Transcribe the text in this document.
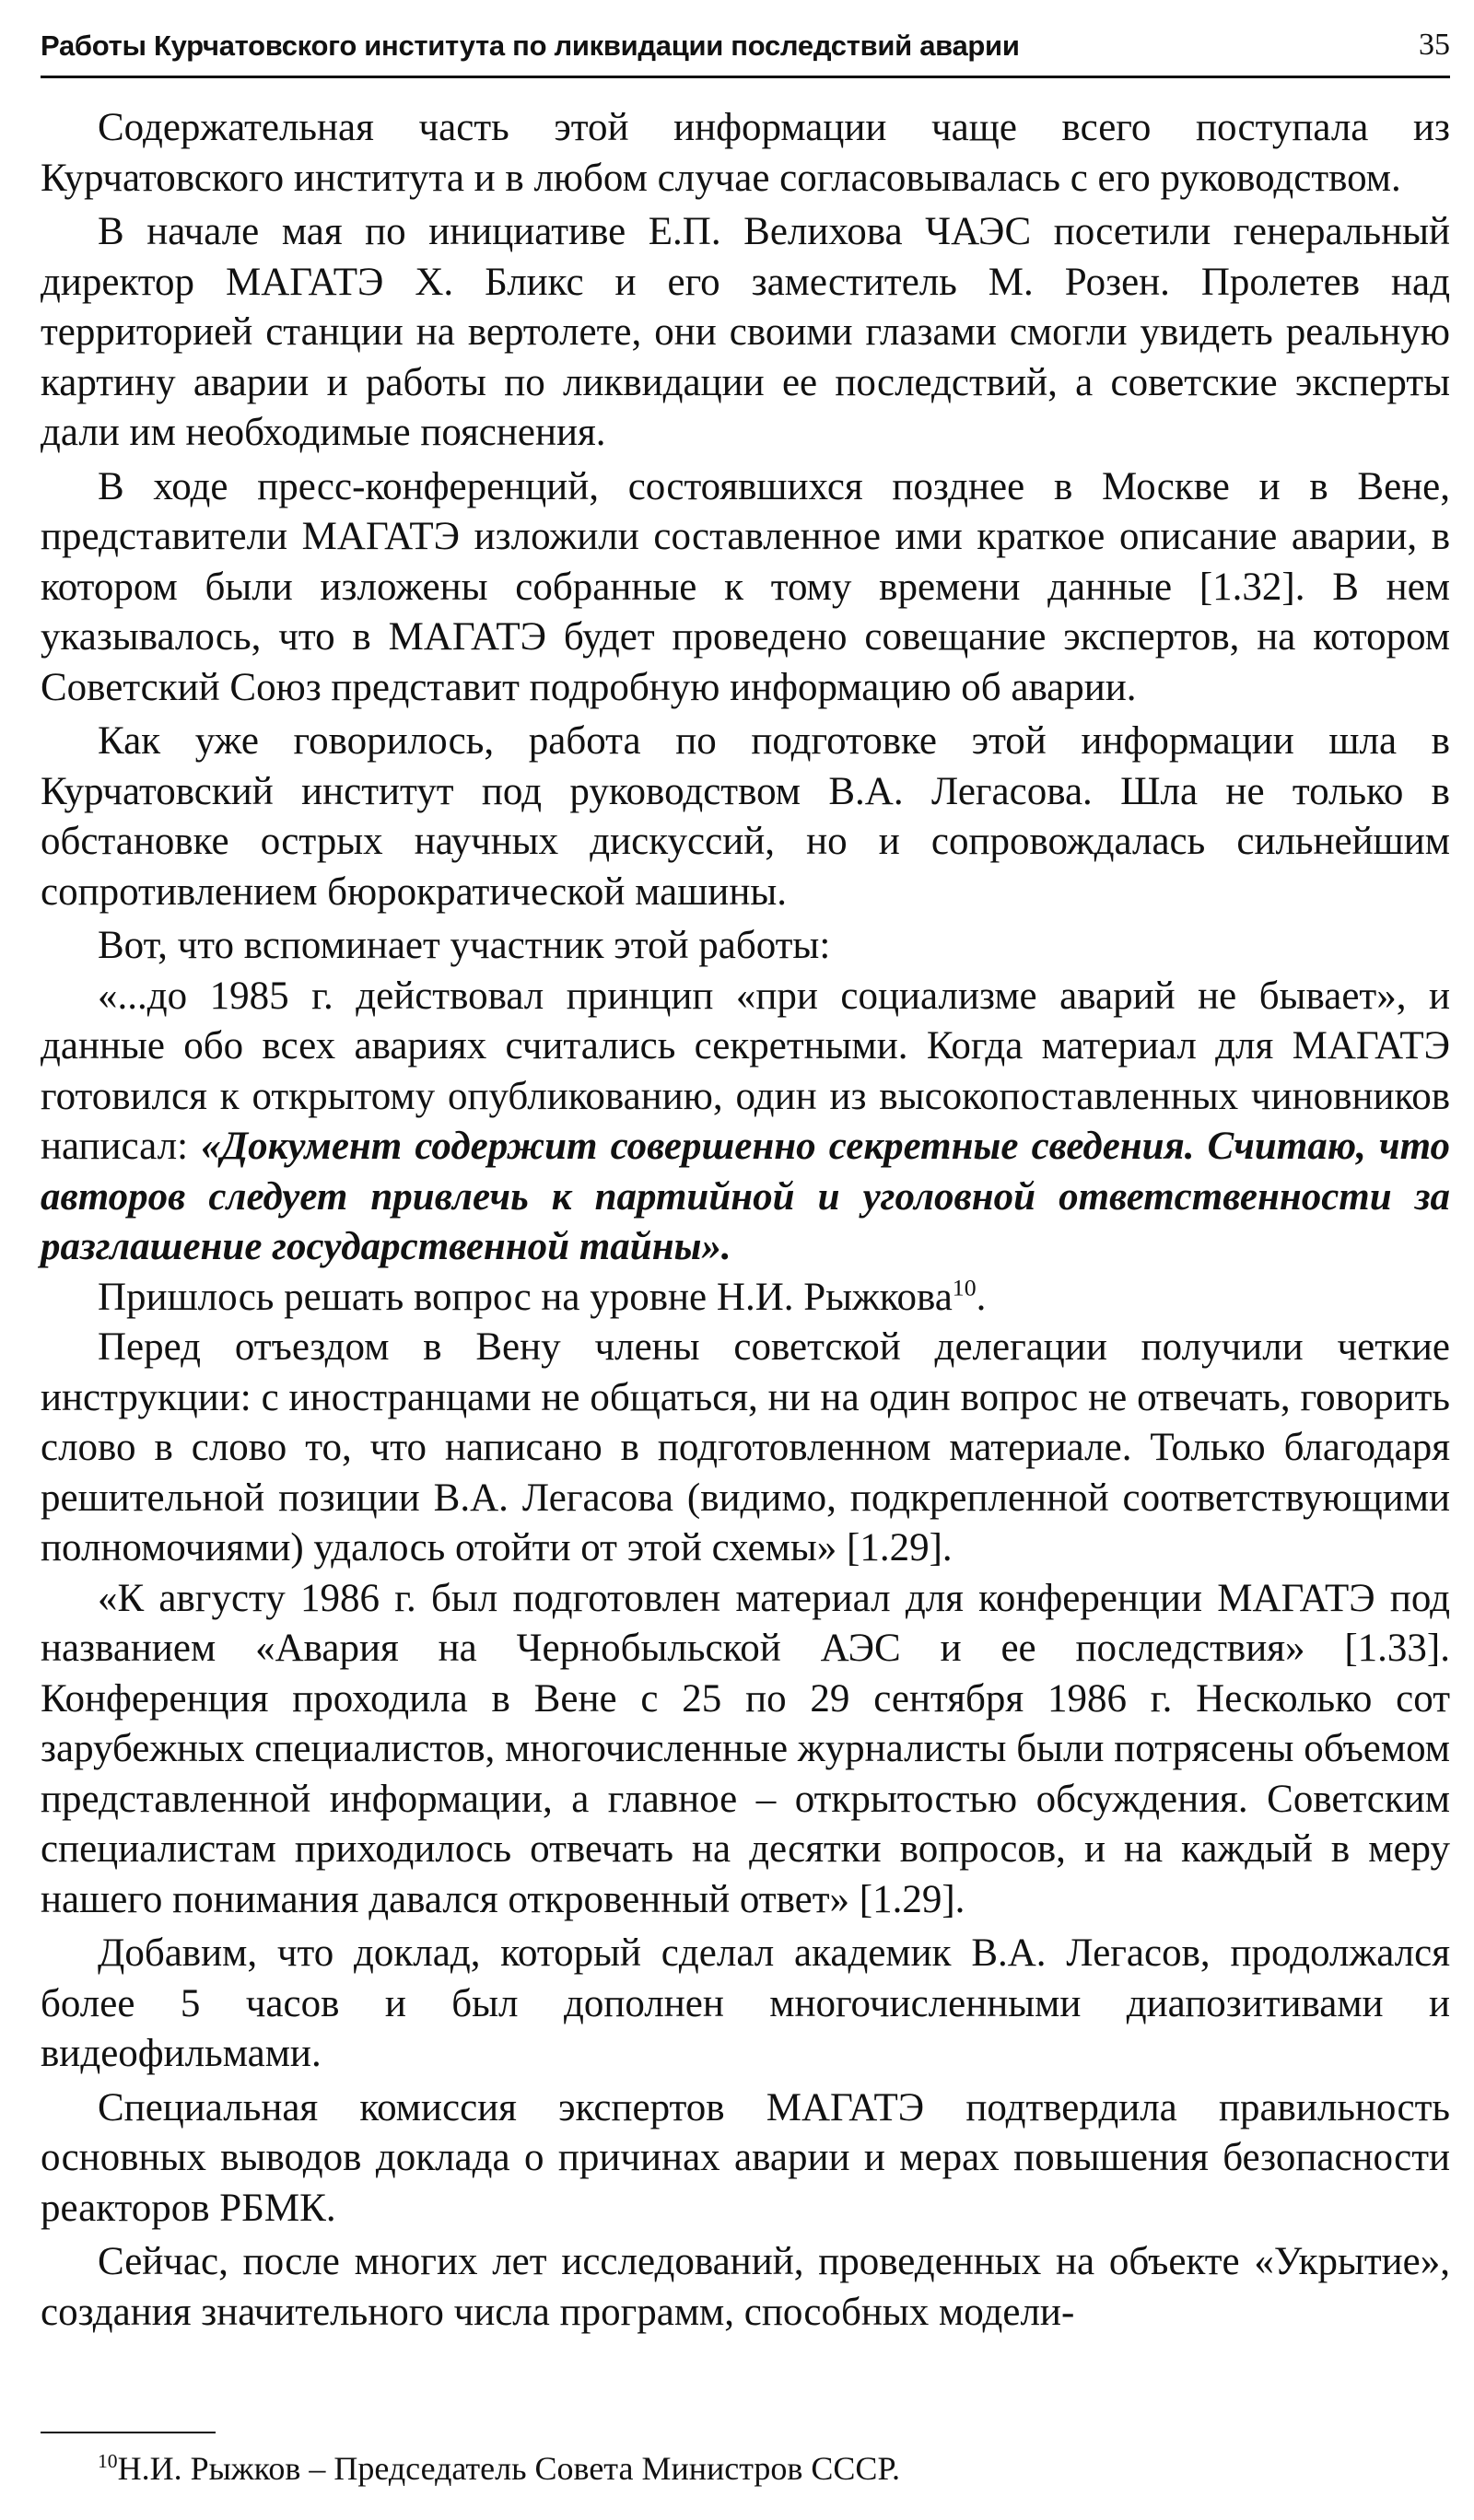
Работы Курчатовского института по ликвидации последствий аварии	35

Содержательная часть этой информации чаще всего поступала из Курчатовского института и в любом случае согласовывалась с его руководством.

В начале мая по инициативе Е.П. Велихова ЧАЭС посетили генеральный директор МАГАТЭ Х. Бликс и его заместитель М. Розен. Пролетев над территорией станции на вертолете, они своими глазами смогли увидеть реальную картину аварии и работы по ликвидации ее последствий, а советские эксперты дали им необходимые пояснения.

В ходе пресс-конференций, состоявшихся позднее в Москве и в Вене, представители МАГАТЭ изложили составленное ими краткое описание аварии, в котором были изложены собранные к тому времени данные [1.32]. В нем указывалось, что в МАГАТЭ будет проведено совещание экспертов, на котором Советский Союз представит подробную информацию об аварии.

Как уже говорилось, работа по подготовке этой информации шла в Курчатовский институт под руководством В.А. Легасова. Шла не только в обстановке острых научных дискуссий, но и сопровождалась сильнейшим сопротивлением бюрократической машины.

Вот, что вспоминает участник этой работы:

«...до 1985 г. действовал принцип «при социализме аварий не бывает», и данные обо всех авариях считались секретными. Когда материал для МАГАТЭ готовился к открытому опубликованию, один из высокопоставленных чиновников написал: «Документ содержит совершенно секретные сведения. Считаю, что авторов следует привлечь к партийной и уголовной ответственности за разглашение государственной тайны».

Пришлось решать вопрос на уровне Н.И. Рыжкова$^{10}$.

Перед отъездом в Вену члены советской делегации получили четкие инструкции: с иностранцами не общаться, ни на один вопрос не отвечать, говорить слово в слово то, что написано в подготовленном материале. Только благодаря решительной позиции В.А. Легасова (видимо, подкрепленной соответствующими полномочиями) удалось отойти от этой схемы» [1.29].

«К августу 1986 г. был подготовлен материал для конференции МАГАТЭ под названием «Авария на Чернобыльской АЭС и ее последствия» [1.33]. Конференция проходила в Вене с 25 по 29 сентября 1986 г. Несколько сот зарубежных специалистов, многочисленные журналисты были потрясены объемом представленной информации, а главное – открытостью обсуждения. Советским специалистам приходилось отвечать на десятки вопросов, и на каждый в меру нашего понимания давался откровенный ответ» [1.29].

Добавим, что доклад, который сделал академик В.А. Легасов, продолжался более 5 часов и был дополнен многочисленными диапозитивами и видеофильмами.

Специальная комиссия экспертов МАГАТЭ подтвердила правильность основных выводов доклада о причинах аварии и мерах повышения безопасности реакторов РБМК.

Сейчас, после многих лет исследований, проведенных на объекте «Укрытие», создания значительного числа программ, способных модели-

$^{10}$Н.И. Рыжков – Председатель Совета Министров СССР.
